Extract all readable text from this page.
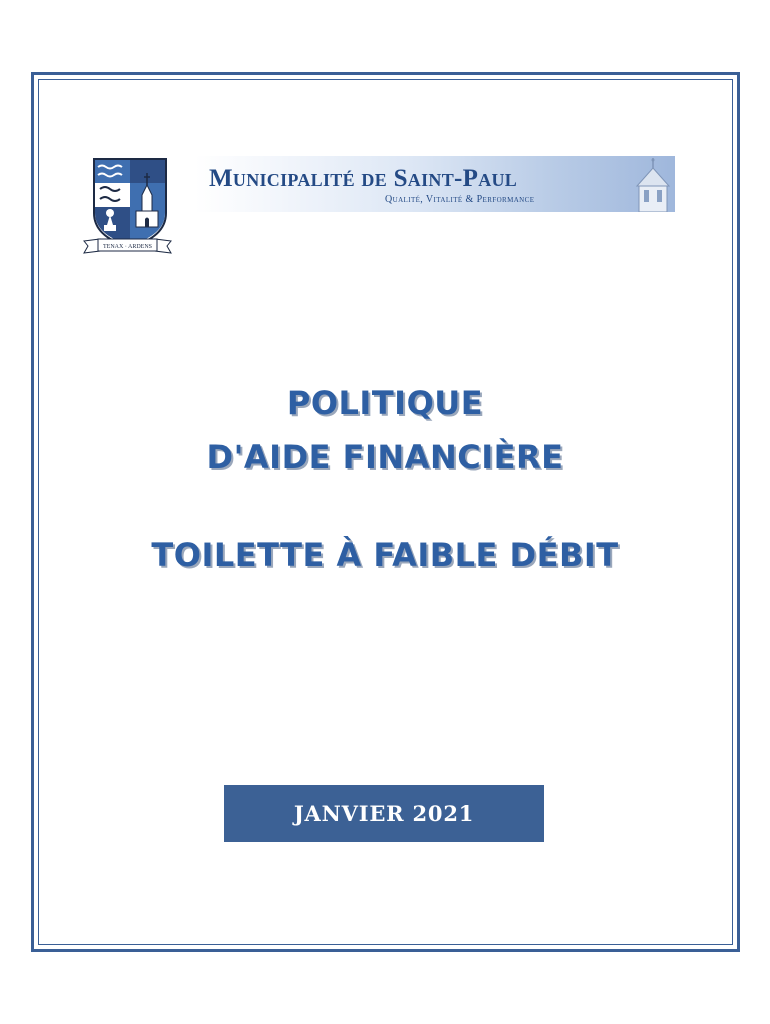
TENAX · ARDENS
Municipalité de Saint-Paul
Qualité, Vitalité & Performance
POLITIQUE
D'AIDE FINANCIÈRE
TOILETTE À FAIBLE DÉBIT
JANVIER 2021
